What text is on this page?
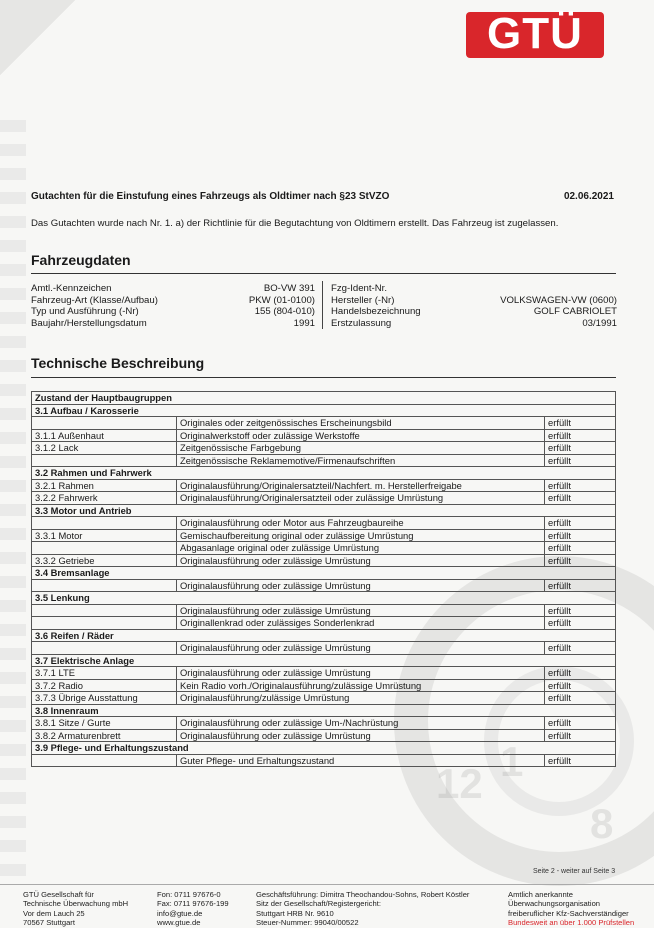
12 1
8
GTÜ
Gutachten für die Einstufung eines Fahrzeugs als Oldtimer nach §23 StVZO	02.06.2021
Das Gutachten wurde nach Nr. 1. a) der Richtlinie für die Begutachtung von Oldtimern erstellt. Das Fahrzeug ist zugelassen.
Fahrzeugdaten
Amtl.-Kennzeichen	BO-VW 391
Fahrzeug-Art (Klasse/Aufbau)	PKW (01-0100)
Typ und Ausführung (-Nr)	155 (804-010)
Baujahr/Herstellungsdatum	1991
Fzg-Ident-Nr.
Hersteller (-Nr)	VOLKSWAGEN-VW (0600)
Handelsbezeichnung	GOLF CABRIOLET
Erstzulassung	03/1991
Technische Beschreibung
Zustand der Hauptbaugruppen		
3.1 Aufbau / Karosserie		
	Originales oder zeitgenössisches Erscheinungsbild	erfüllt
3.1.1 Außenhaut	Originalwerkstoff oder zulässige Werkstoffe	erfüllt
3.1.2 Lack	Zeitgenössische Farbgebung	erfüllt
	Zeitgenössische Reklamemotive/Firmenaufschriften	erfüllt
3.2 Rahmen und Fahrwerk		
3.2.1 Rahmen	Originalausführung/Originalersatzteil/Nachfert. m. Herstellerfreigabe	erfüllt
3.2.2 Fahrwerk	Originalausführung/Originalersatzteil oder zulässige Umrüstung	erfüllt
3.3 Motor und Antrieb		
	Originalausführung oder Motor aus Fahrzeugbaureihe	erfüllt
3.3.1 Motor	Gemischaufbereitung original oder zulässige Umrüstung	erfüllt
	Abgasanlage original oder zulässige Umrüstung	erfüllt
3.3.2 Getriebe	Originalausführung oder zulässige Umrüstung	erfüllt
3.4 Bremsanlage		
	Originalausführung oder zulässige Umrüstung	erfüllt
3.5 Lenkung		
	Originalausführung oder zulässige Umrüstung	erfüllt
	Originallenkrad oder zulässiges Sonderlenkrad	erfüllt
3.6 Reifen / Räder		
	Originalausführung oder zulässige Umrüstung	erfüllt
3.7 Elektrische Anlage		
3.7.1 LTE	Originalausführung oder zulässige Umrüstung	erfüllt
3.7.2 Radio	Kein Radio vorh./Originalausführung/zulässige Umrüstung	erfüllt
3.7.3 Übrige Ausstattung	Originalausführung/zulässige Umrüstung	erfüllt
3.8 Innenraum		
3.8.1 Sitze / Gurte	Originalausführung oder zulässige Um-/Nachrüstung	erfüllt
3.8.2 Armaturenbrett	Originalausführung oder zulässige Umrüstung	erfüllt
3.9 Pflege- und Erhaltungszustand		
	Guter Pflege- und Erhaltungszustand	erfüllt
Seite 2 - weiter auf Seite 3
GTÜ Gesellschaft für
Technische Überwachung mbH
Vor dem Lauch 25
70567 Stuttgart
Fon: 0711 97676-0
Fax: 0711 97676-199
info@gtue.de
www.gtue.de
Geschäftsführung: Dimitra Theochandou-Sohns, Robert Köstler
Sitz der Gesellschaft/Registergericht:
Stuttgart HRB Nr. 9610
Steuer-Nummer: 99040/00522
Amtlich anerkannte
Überwachungsorganisation
freiberuflicher Kfz-Sachverständiger
Bundesweit an über 1.000 Prüfstellen
